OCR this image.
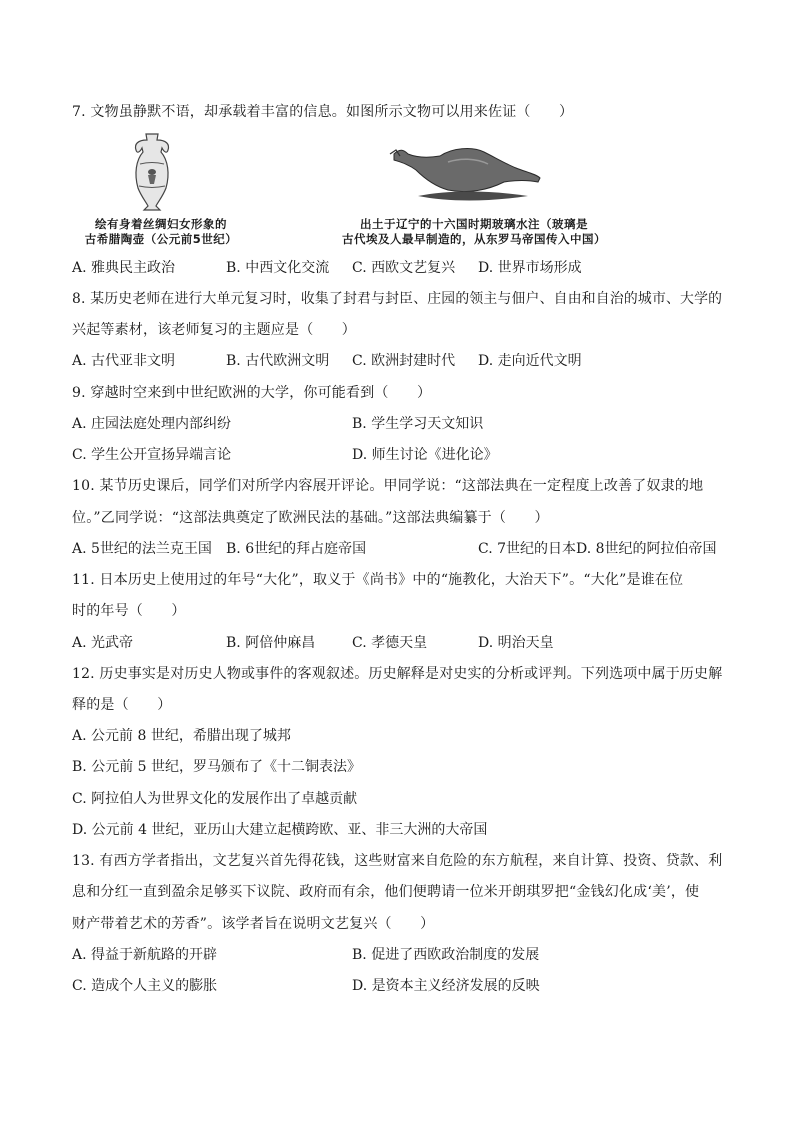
7. 文物虽静默不语，却承载着丰富的信息。如图所示文物可以用来佐证（　　）
绘有身着丝绸妇女形象的
古希腊陶壶（公元前5世纪）
出土于辽宁的十六国时期玻璃水注（玻璃是
古代埃及人最早制造的，从东罗马帝国传入中国）
A. 雅典民主政治	B. 中西文化交流 C. 西欧文艺复兴 D. 世界市场形成
8. 某历史老师在进行大单元复习时，收集了封君与封臣、庄园的领主与佃户、自由和自治的城市、大学的
兴起等素材，该老师复习的主题应是（　　）
A. 古代亚非文明	B. 古代欧洲文明 C. 欧洲封建时代 D. 走向近代文明
9. 穿越时空来到中世纪欧洲的大学，你可能看到（　　）
A. 庄园法庭处理内部纠纷	B. 学生学习天文知识
C. 学生公开宣扬异端言论	D. 师生讨论《进化论》
10. 某节历史课后，同学们对所学内容展开评论。甲同学说：“这部法典在一定程度上改善了奴隶的地
位。”乙同学说：“这部法典奠定了欧洲民法的基础。”这部法典编纂于（　　）
A. 5世纪的法兰克王国 B. 6世纪的拜占庭帝国	C. 7世纪的日本 D. 8世纪的阿拉伯帝国
11. 日本历史上使用过的年号“大化”，取义于《尚书》中的“施教化，大治天下”。“大化”是谁在位
时的年号（　　）
A. 光武帝	B. 阿倍仲麻昌	C. 孝德天皇	D. 明治天皇
12. 历史事实是对历史人物或事件的客观叙述。历史解释是对史实的分析或评判。下列选项中属于历史解
释的是（　　）
A. 公元前 8 世纪，希腊出现了城邦
B. 公元前 5 世纪，罗马颁布了《十二铜表法》
C. 阿拉伯人为世界文化的发展作出了卓越贡献
D. 公元前 4 世纪，亚历山大建立起横跨欧、亚、非三大洲的大帝国
13. 有西方学者指出，文艺复兴首先得花钱，这些财富来自危险的东方航程，来自计算、投资、贷款、利
息和分红一直到盈余足够买下议院、政府而有余，他们便聘请一位米开朗琪罗把“金钱幻化成‘美’，使
财产带着艺术的芳香”。该学者旨在说明文艺复兴（　　）
A. 得益于新航路的开辟	B. 促进了西欧政治制度的发展
C. 造成个人主义的膨胀	D. 是资本主义经济发展的反映
